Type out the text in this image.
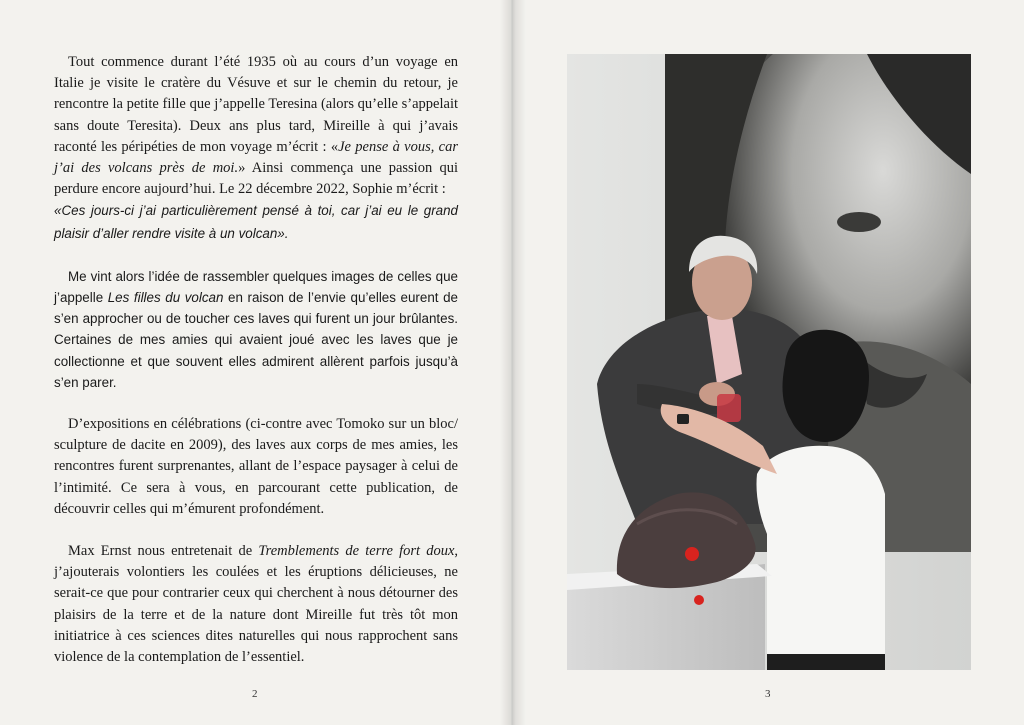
Tout commence durant l’été 1935 où au cours d’un voyage en Italie je visite le cratère du Vésuve et sur le chemin du retour, je rencontre la petite fille que j’appelle Teresina (alors qu’elle s’appelait sans doute Teresita). Deux ans plus tard, Mireille à qui j’avais raconté les péripéties de mon voyage m’écrit : «Je pense à vous, car j’ai des volcans près de moi.» Ainsi commença une passion qui perdure encore aujourd’hui. Le 22 décembre 2022, Sophie m’écrit :
«Ces jours-ci j’ai particulièrement pensé à toi, car j’ai eu le grand plaisir d’aller rendre visite à un volcan».

Me vint alors l’idée de rassembler quelques images de celles que j’appelle Les filles du volcan en raison de l’envie qu’elles eurent de s’en approcher ou de toucher ces laves qui furent un jour brûlantes. Certaines de mes amies qui avaient joué avec les laves que je collectionne et que souvent elles admirent allèrent parfois jusqu’à s’en parer.

D’expositions en célébrations (ci-contre avec Tomoko sur un bloc/ sculpture de dacite en 2009), des laves aux corps de mes amies, les rencontres furent surprenantes, allant de l’espace paysager à celui de l’intimité. Ce sera à vous, en parcourant cette publication, de découvrir celles qui m’émurent profondément.

Max Ernst nous entretenait de Tremblements de terre fort doux, j’ajouterais volontiers les coulées et les éruptions délicieuses, ne serait-ce que pour contrarier ceux qui cherchent à nous détourner des plaisirs de la terre et de la nature dont Mireille fut très tôt mon initiatrice à ces sciences dites naturelles qui nous rapprochent sans violence de la contemplation de l’essentiel.

2	3
